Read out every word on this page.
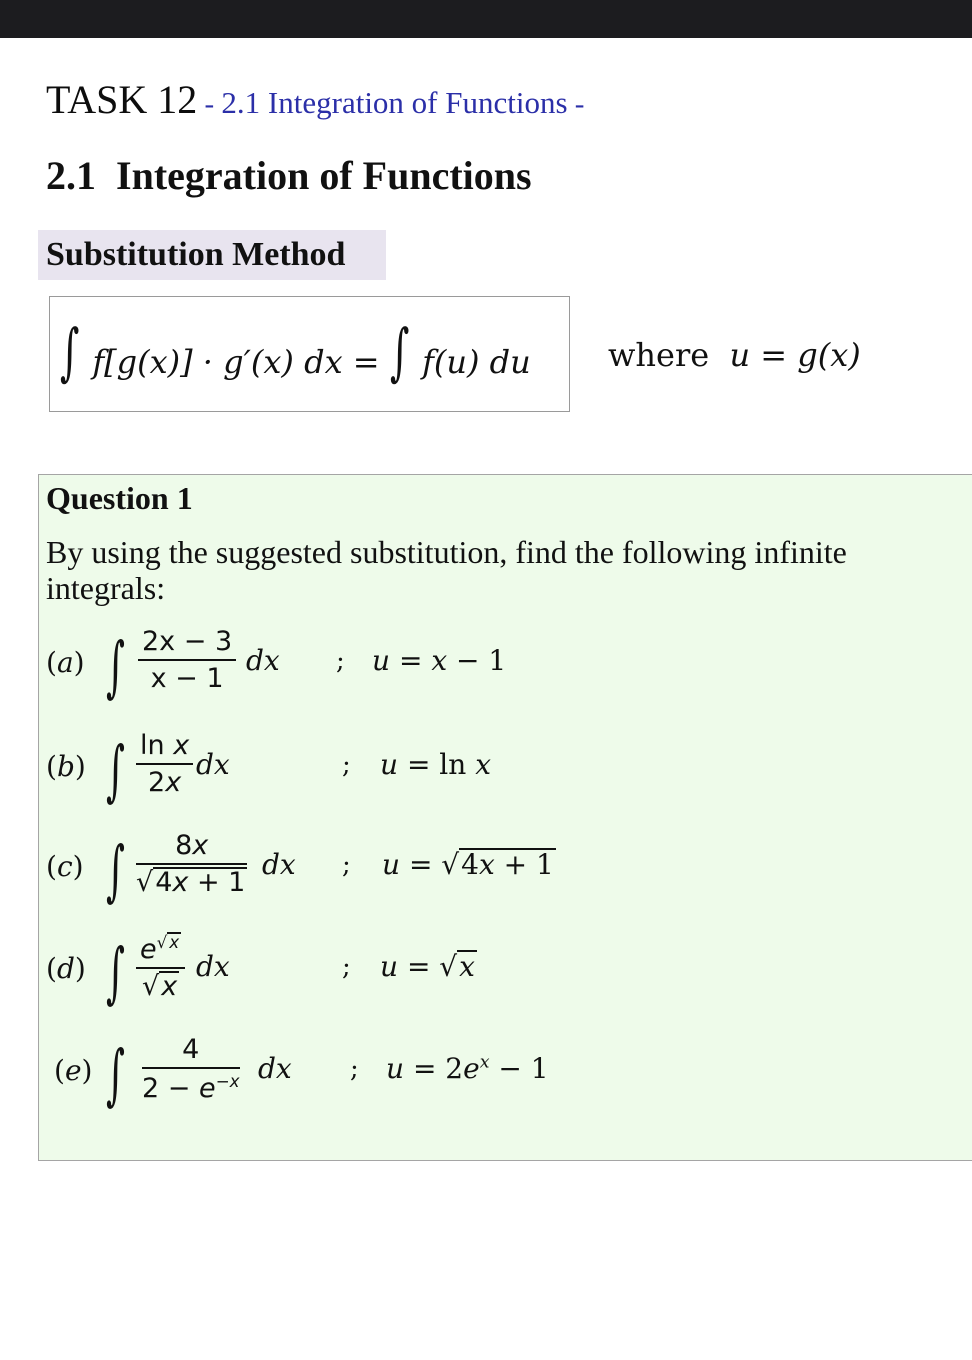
TASK 12 - 2.1 Integration of Functions -
2.1 Integration of Functions
Substitution Method
∫ f[g(x)] · g′(x) dx = ∫ f(u) du where u = g(x)
Question 1
By using the suggested substitution, find the following infinite integrals:
(a) ∫ $\frac{2x - 3}{x - 1}$ dx ; u = x − 1
(b) ∫ $\frac{\text{ln x}}{2x}$ dx	; u = ln x
(c) ∫ $\frac{8x}{√4x + 1}$ dx ; u = √4x + 1
(d) ∫ $\frac{e^{√ x}}{√x}$ dx	; u = √x
(e) ∫ $\frac{4}{2 - e^{-x}}$ dx ; $u = 2e^x - 1$
